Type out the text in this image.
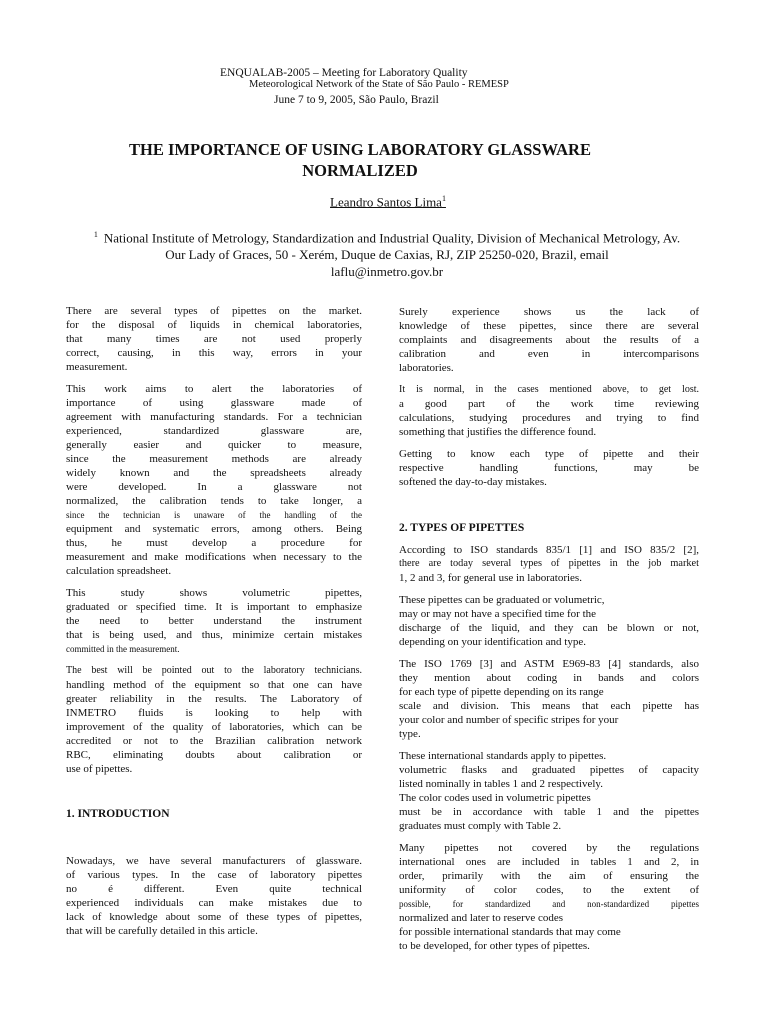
ENQUALAB-2005 – Meeting for Laboratory Quality
Meteorological Network of the State of São Paulo - REMESP
June 7 to 9, 2005, São Paulo, Brazil
THE IMPORTANCE OF USING LABORATORY GLASSWARE
NORMALIZED
Leandro Santos Lima$^1$
$^1$ National Institute of Metrology, Standardization and Industrial Quality, Division of Mechanical Metrology, Av.
Our Lady of Graces, 50 - Xerém, Duque de Caxias, RJ, ZIP 25250-020, Brazil, email
laflu@inmetro.gov.br
There are several types of pipettes on the market.
for the disposal of liquids in chemical laboratories,
that many times are not used properly
correct, causing, in this way, errors in your
measurement.
This work aims to alert the laboratories of
importance of using glassware made of
agreement with manufacturing standards. For a technician
experienced, standardized glassware are,
generally easier and quicker to measure,
since the measurement methods are already
widely known and the spreadsheets already
were developed. In a glassware not
normalized, the calibration tends to take longer, a
since the technician is unaware of the handling of the
equipment and systematic errors, among others. Being
thus, he must develop a procedure for
measurement and make modifications when necessary to the
calculation spreadsheet.
This study shows volumetric pipettes,
graduated or specified time. It is important to emphasize
the need to better understand the instrument
that is being used, and thus, minimize certain mistakes
committed in the measurement.
The best will be pointed out to the laboratory technicians.
handling method of the equipment so that one can have
greater reliability in the results. The Laboratory of
INMETRO fluids is looking to help with
improvement of the quality of laboratories, which can be
accredited or not to the Brazilian calibration network
RBC, eliminating doubts about calibration or
use of pipettes.
1. INTRODUCTION
Nowadays, we have several manufacturers of glassware.
of various types. In the case of laboratory pipettes
no é different. Even quite technical
experienced individuals can make mistakes due to
lack of knowledge about some of these types of pipettes,
that will be carefully detailed in this article.
Surely experience shows us the lack of
knowledge of these pipettes, since there are several
complaints and disagreements about the results of a
calibration and even in intercomparisons
laboratories.
It is normal, in the cases mentioned above, to get lost.
a good part of the work time reviewing
calculations, studying procedures and trying to find
something that justifies the difference found.
Getting to know each type of pipette and their
respective handling functions, may be
softened the day-to-day mistakes.
2. TYPES OF PIPETTES
According to ISO standards 835/1 [1] and ISO 835/2 [2],
there are today several types of pipettes in the job market
1, 2 and 3, for general use in laboratories.
These pipettes can be graduated or volumetric,
may or may not have a specified time for the
discharge of the liquid, and they can be blown or not,
depending on your identification and type.
The ISO 1769 [3] and ASTM E969-83 [4] standards, also
they mention about coding in bands and colors
for each type of pipette depending on its range
scale and division. This means that each pipette has
your color and number of specific stripes for your
type.
These international standards apply to pipettes.
volumetric flasks and graduated pipettes of capacity
listed nominally in tables 1 and 2 respectively.
The color codes used in volumetric pipettes
must be in accordance with table 1 and the pipettes
graduates must comply with Table 2.
Many pipettes not covered by the regulations
international ones are included in tables 1 and 2, in
order, primarily with the aim of ensuring the
uniformity of color codes, to the extent of
possible, for standardized and non-standardized pipettes
normalized and later to reserve codes
for possible international standards that may come
to be developed, for other types of pipettes.
